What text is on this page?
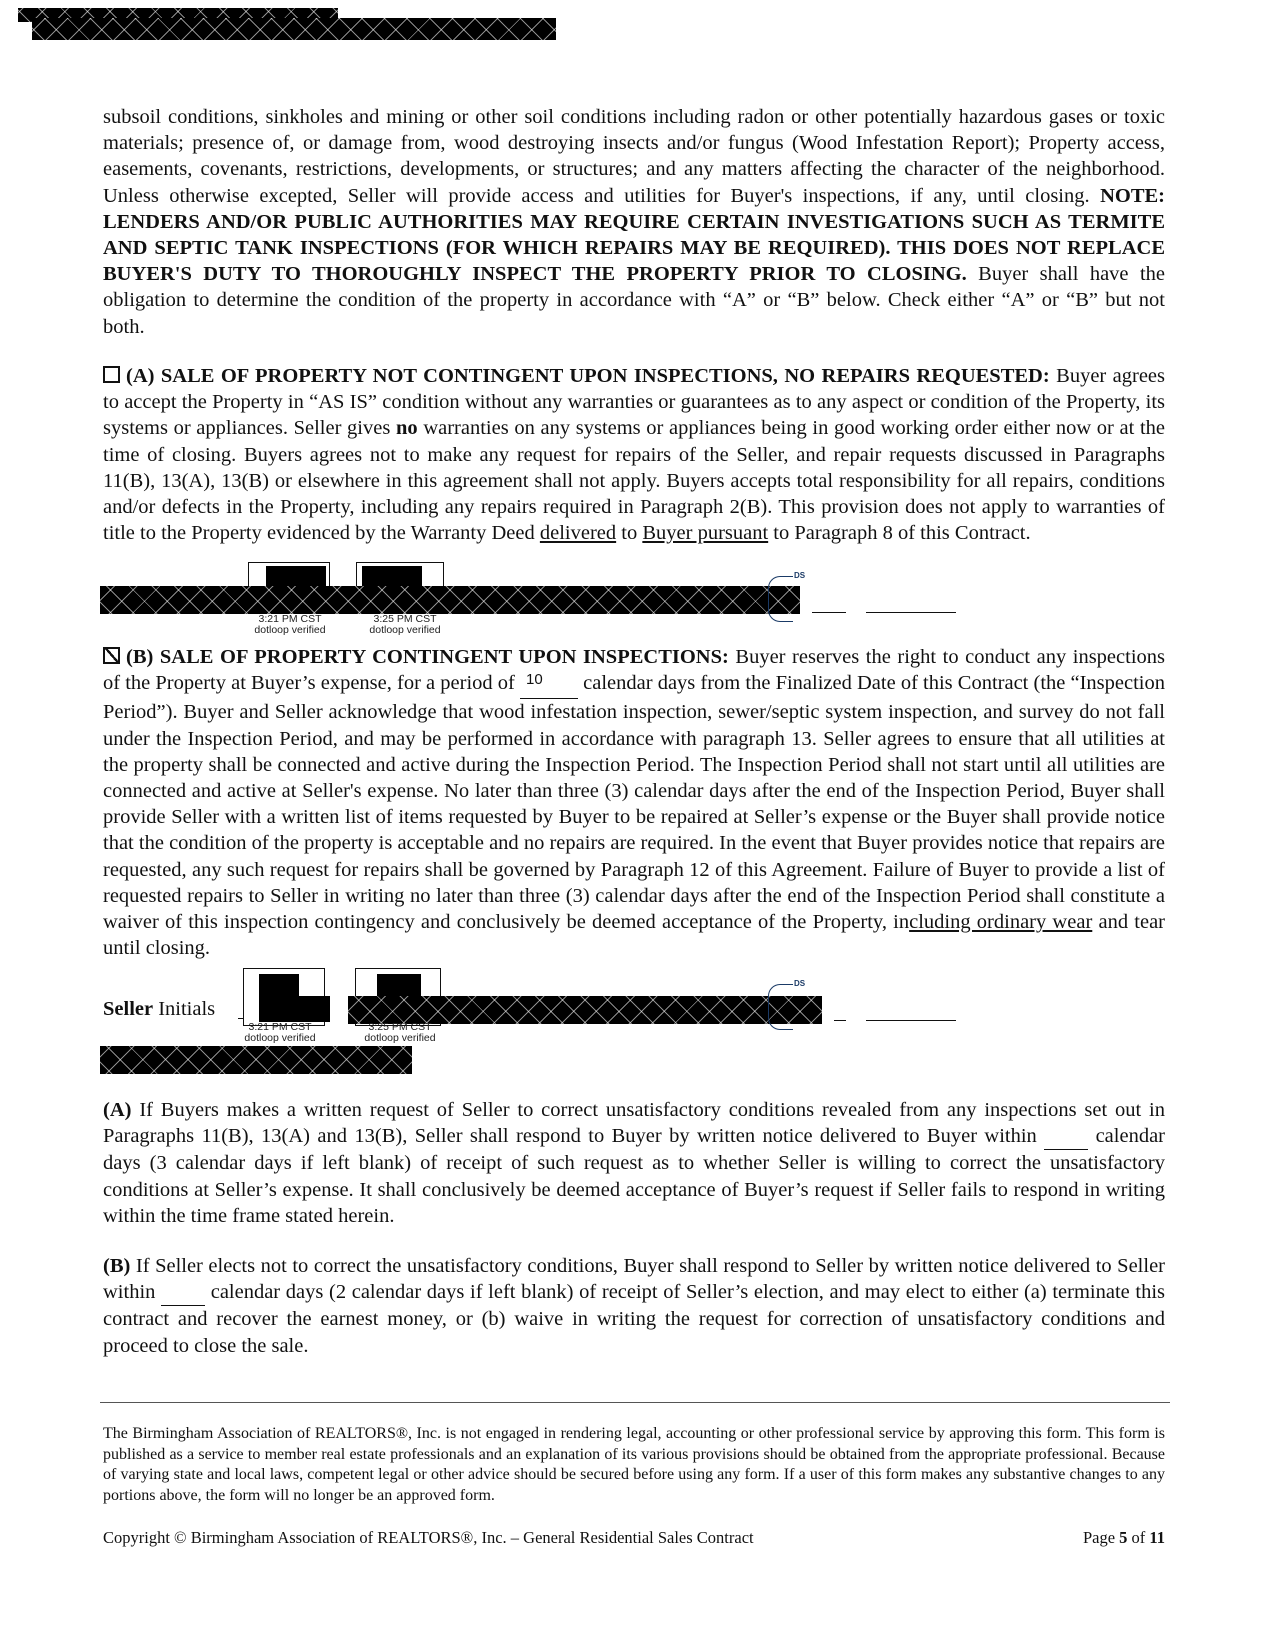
subsoil conditions, sinkholes and mining or other soil conditions including radon or other potentially hazardous gases or toxic materials; presence of, or damage from, wood destroying insects and/or fungus (Wood Infestation Report); Property access, easements, covenants, restrictions, developments, or structures; and any matters affecting the character of the neighborhood. Unless otherwise excepted, Seller will provide access and utilities for Buyer's inspections, if any, until closing. NOTE: LENDERS AND/OR PUBLIC AUTHORITIES MAY REQUIRE CERTAIN INVESTIGATIONS SUCH AS TERMITE AND SEPTIC TANK INSPECTIONS (FOR WHICH REPAIRS MAY BE REQUIRED). THIS DOES NOT REPLACE BUYER'S DUTY TO THOROUGHLY INSPECT THE PROPERTY PRIOR TO CLOSING. Buyer shall have the obligation to determine the condition of the property in accordance with “A” or “B” below. Check either “A” or “B” but not both.

(A) SALE OF PROPERTY NOT CONTINGENT UPON INSPECTIONS, NO REPAIRS REQUESTED: Buyer agrees to accept the Property in “AS IS” condition without any warranties or guarantees as to any aspect or condition of the Property, its systems or appliances. Seller gives no warranties on any systems or appliances being in good working order either now or at the time of closing. Buyers agrees not to make any request for repairs of the Seller, and repair requests discussed in Paragraphs 11(B), 13(A), 13(B) or elsewhere in this agreement shall not apply. Buyers accepts total responsibility for all repairs, conditions and/or defects in the Property, including any repairs required in Paragraph 2(B). This provision does not apply to warranties of title to the Property evidenced by the Warranty Deed delivered to Buyer pursuant to Paragraph 8 of this Contract.

3:21 PM CST
dotloop verified
3:25 PM CST
dotloop verified
DS

(B) SALE OF PROPERTY CONTINGENT UPON INSPECTIONS: Buyer reserves the right to conduct any inspections of the Property at Buyer’s expense, for a period of $^{10}$ calendar days from the Finalized Date of this Contract (the “Inspection Period”). Buyer and Seller acknowledge that wood infestation inspection, sewer/septic system inspection, and survey do not fall under the Inspection Period, and may be performed in accordance with paragraph 13. Seller agrees to ensure that all utilities at the property shall be connected and active during the Inspection Period. The Inspection Period shall not start until all utilities are connected and active at Seller's expense. No later than three (3) calendar days after the end of the Inspection Period, Buyer shall provide Seller with a written list of items requested by Buyer to be repaired at Seller’s expense or the Buyer shall provide notice that the condition of the property is acceptable and no repairs are required. In the event that Buyer provides notice that repairs are requested, any such request for repairs shall be governed by Paragraph 12 of this Agreement. Failure of Buyer to provide a list of requested repairs to Seller in writing no later than three (3) calendar days after the end of the Inspection Period shall constitute a waiver of this inspection contingency and conclusively be deemed acceptance of the Property, including ordinary wear and tear until closing.

Seller Initials
3:21 PM CST
dotloop verified
3:25 PM CST
dotloop verified
DS

(A) If Buyers makes a written request of Seller to correct unsatisfactory conditions revealed from any inspections set out in Paragraphs 11(B), 13(A) and 13(B), Seller shall respond to Buyer by written notice delivered to Buyer within	calendar days (3 calendar days if left blank) of receipt of such request as to whether Seller is willing to correct the unsatisfactory conditions at Seller’s expense. It shall conclusively be deemed acceptance of Buyer’s request if Seller fails to respond in writing within the time frame stated herein.

(B) If Seller elects not to correct the unsatisfactory conditions, Buyer shall respond to Seller by written notice delivered to Seller within	calendar days (2 calendar days if left blank) of receipt of Seller’s election, and may elect to either (a) terminate this contract and recover the earnest money, or (b) waive in writing the request for correction of unsatisfactory conditions and proceed to close the sale.

The Birmingham Association of REALTORS®, Inc. is not engaged in rendering legal, accounting or other professional service by approving this form. This form is published as a service to member real estate professionals and an explanation of its various provisions should be obtained from the appropriate professional. Because of varying state and local laws, competent legal or other advice should be secured before using any form. If a user of this form makes any substantive changes to any portions above, the form will no longer be an approved form.

Copyright © Birmingham Association of REALTORS®, Inc. – General Residential Sales Contract	Page 5 of 11
